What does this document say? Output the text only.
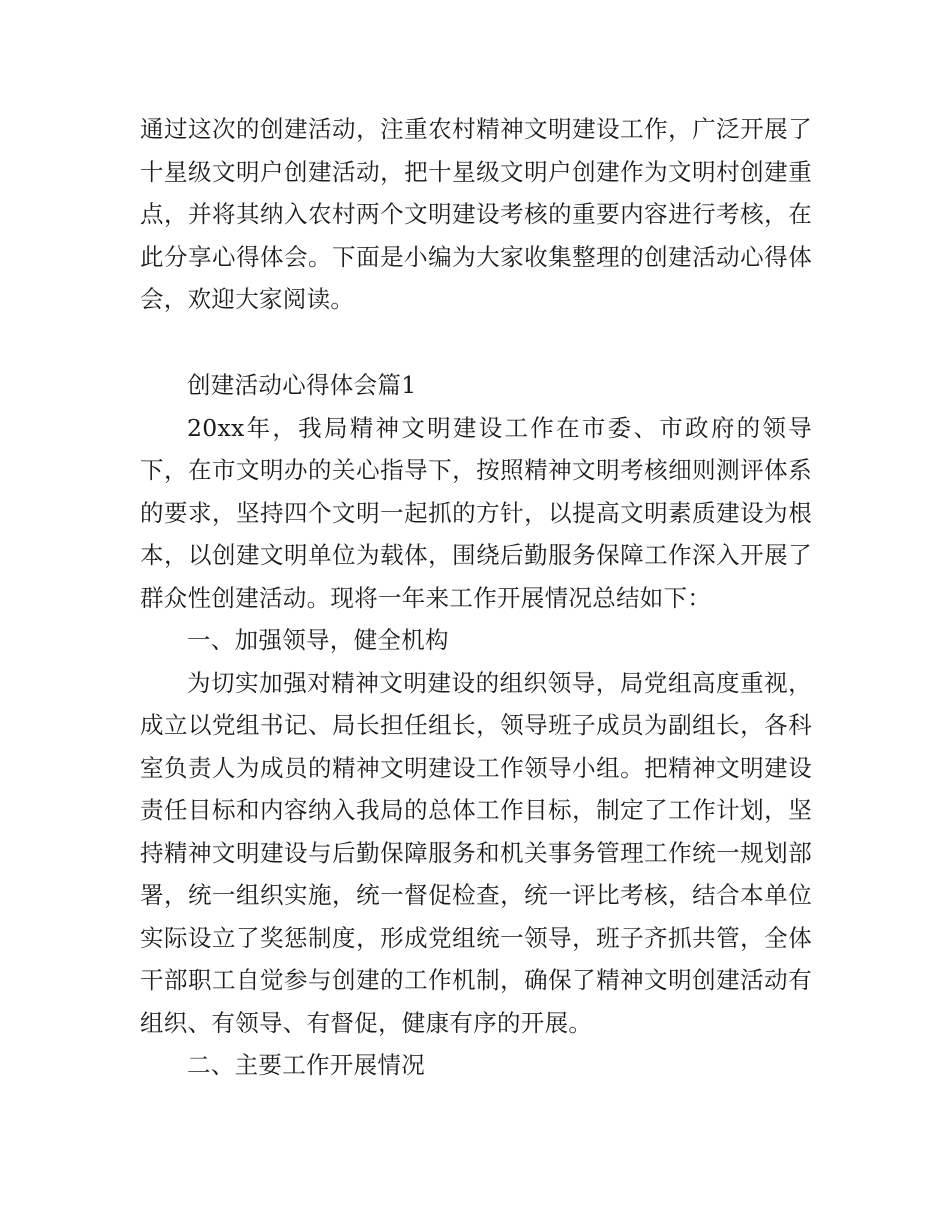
通过这次的创建活动，注重农村精神文明建设工作，广泛开展了十星级文明户创建活动，把十星级文明户创建作为文明村创建重点，并将其纳入农村两个文明建设考核的重要内容进行考核，在此分享心得体会。下面是小编为大家收集整理的创建活动心得体会，欢迎大家阅读。

创建活动心得体会篇1

20xx年，我局精神文明建设工作在市委、市政府的领导下，在市文明办的关心指导下，按照精神文明考核细则测评体系的要求，坚持四个文明一起抓的方针，以提高文明素质建设为根本，以创建文明单位为载体，围绕后勤服务保障工作深入开展了群众性创建活动。现将一年来工作开展情况总结如下：

一、加强领导，健全机构

为切实加强对精神文明建设的组织领导，局党组高度重视，成立以党组书记、局长担任组长，领导班子成员为副组长，各科室负责人为成员的精神文明建设工作领导小组。把精神文明建设责任目标和内容纳入我局的总体工作目标，制定了工作计划，坚持精神文明建设与后勤保障服务和机关事务管理工作统一规划部署，统一组织实施，统一督促检查，统一评比考核，结合本单位实际设立了奖惩制度，形成党组统一领导，班子齐抓共管，全体干部职工自觉参与创建的工作机制，确保了精神文明创建活动有组织、有领导、有督促，健康有序的开展。

二、主要工作开展情况
